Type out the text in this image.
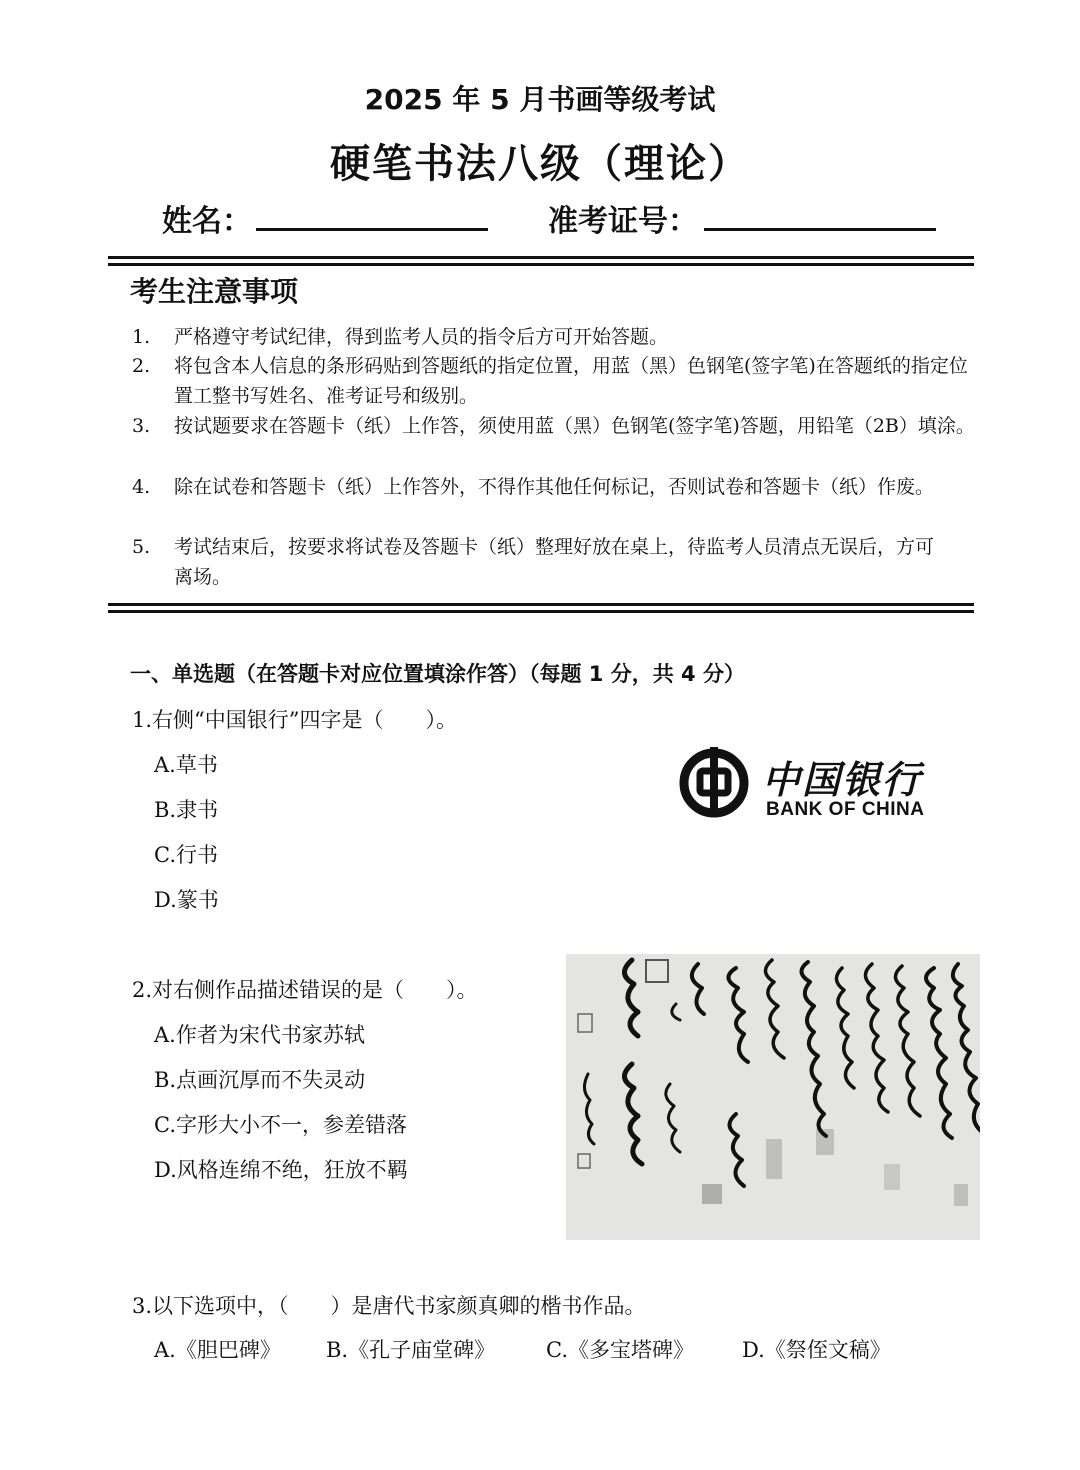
2025 年 5 月书画等级考试
硬笔书法八级（理论）
姓名：	准考证号：
考生注意事项
1. 严格遵守考试纪律，得到监考人员的指令后方可开始答题。
2. 将包含本人信息的条形码贴到答题纸的指定位置，用蓝（黑）色钢笔(签字笔)在答题纸的指定位置工整书写姓名、准考证号和级别。
3. 按试题要求在答题卡（纸）上作答，须使用蓝（黑）色钢笔(签字笔)答题，用铅笔（2B）填涂。
4. 除在试卷和答题卡（纸）上作答外，不得作其他任何标记，否则试卷和答题卡（纸）作废。
5. 考试结束后，按要求将试卷及答题卡（纸）整理好放在桌上，待监考人员清点无误后，方可离场。
一、单选题（在答题卡对应位置填涂作答）（每题 1 分，共 4 分）
1.右侧“中国银行”四字是（　　）。
A.草书
B.隶书
C.行书
D.篆书
中国银行
BANK OF CHINA
2.对右侧作品描述错误的是（　　）。
A.作者为宋代书家苏轼
B.点画沉厚而不失灵动
C.字形大小不一，参差错落
D.风格连绵不绝，狂放不羁
3.以下选项中，（　　）是唐代书家颜真卿的楷书作品。
A.《胆巴碑》 B.《孔子庙堂碑》 C.《多宝塔碑》 D.《祭侄文稿》
